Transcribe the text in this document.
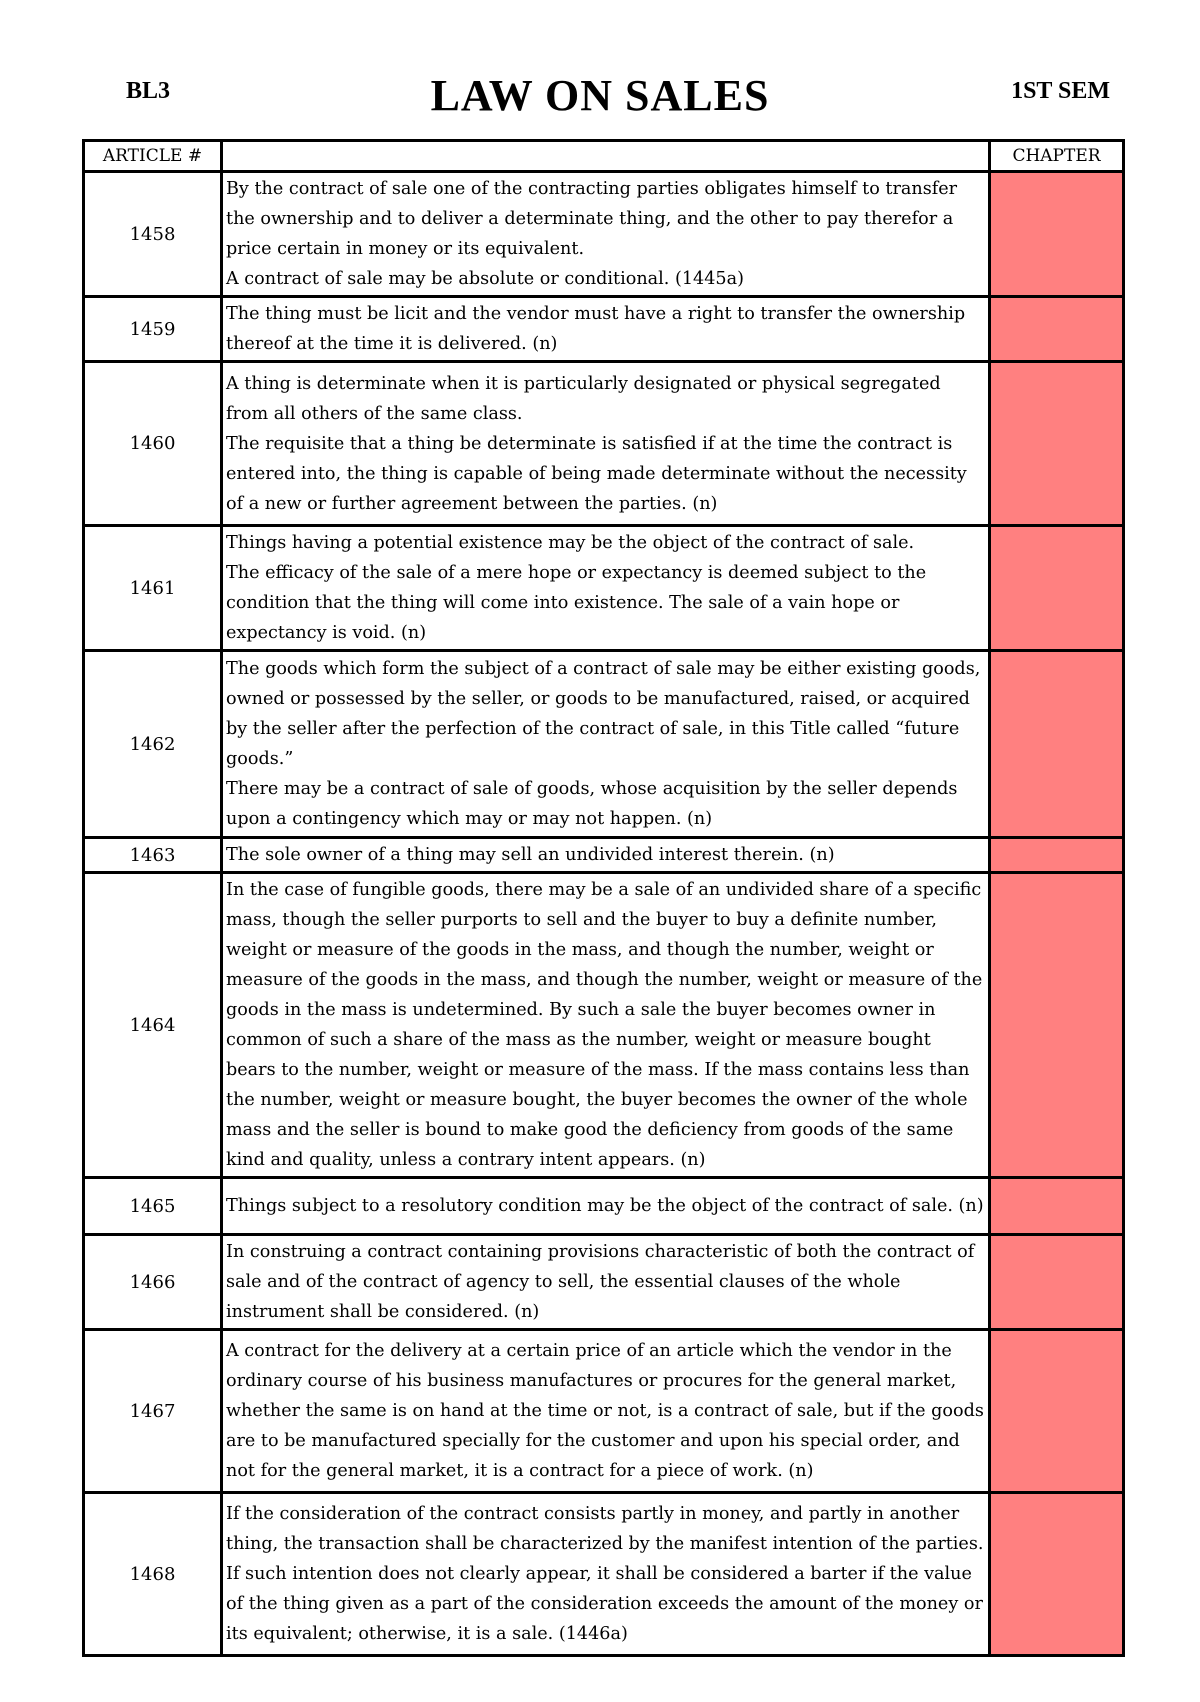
BL3	LAW ON SALES	1ST SEM
ARTICLE #		CHAPTER
1458	By the contract of sale one of the contracting parties obligates himself to transfer the ownership and to deliver a determinate thing, and the other to pay therefor a price certain in money or its equivalent.

A contract of sale may be absolute or conditional. (1445a)	

1459	The thing must be licit and the vendor must have a right to transfer the ownership thereof at the time it is delivered. (n)	

1460	A thing is determinate when it is particularly designated or physical segregated from all others of the same class.

The requisite that a thing be determinate is satisfied if at the time the contract is entered into, the thing is capable of being made determinate without the necessity of a new or further agreement between the parties. (n)	

1461	Things having a potential existence may be the object of the contract of sale.

The efficacy of the sale of a mere hope or expectancy is deemed subject to the condition that the thing will come into existence. The sale of a vain hope or expectancy is void. (n)	

1462	The goods which form the subject of a contract of sale may be either existing goods, owned or possessed by the seller, or goods to be manufactured, raised, or acquired by the seller after the perfection of the contract of sale, in this Title called “future goods.”

There may be a contract of sale of goods, whose acquisition by the seller depends upon a contingency which may or may not happen. (n)	

1463	The sole owner of a thing may sell an undivided interest therein. (n)	

1464	In the case of fungible goods, there may be a sale of an undivided share of a specific mass, though the seller purports to sell and the buyer to buy a definite number, weight or measure of the goods in the mass, and though the number, weight or measure of the goods in the mass, and though the number, weight or measure of the goods in the mass is undetermined. By such a sale the buyer becomes owner in common of such a share of the mass as the number, weight or measure bought bears to the number, weight or measure of the mass. If the mass contains less than the number, weight or measure bought, the buyer becomes the owner of the whole mass and the seller is bound to make good the deficiency from goods of the same kind and quality, unless a contrary intent appears. (n)	

1465	Things subject to a resolutory condition may be the object of the contract of sale. (n)	

1466	In construing a contract containing provisions characteristic of both the contract of sale and of the contract of agency to sell, the essential clauses of the whole instrument shall be considered. (n)	

1467	A contract for the delivery at a certain price of an article which the vendor in the ordinary course of his business manufactures or procures for the general market, whether the same is on hand at the time or not, is a contract of sale, but if the goods are to be manufactured specially for the customer and upon his special order, and not for the general market, it is a contract for a piece of work. (n)	

1468	If the consideration of the contract consists partly in money, and partly in another thing, the transaction shall be characterized by the manifest intention of the parties. If such intention does not clearly appear, it shall be considered a barter if the value of the thing given as a part of the consideration exceeds the amount of the money or its equivalent; otherwise, it is a sale. (1446a)	
